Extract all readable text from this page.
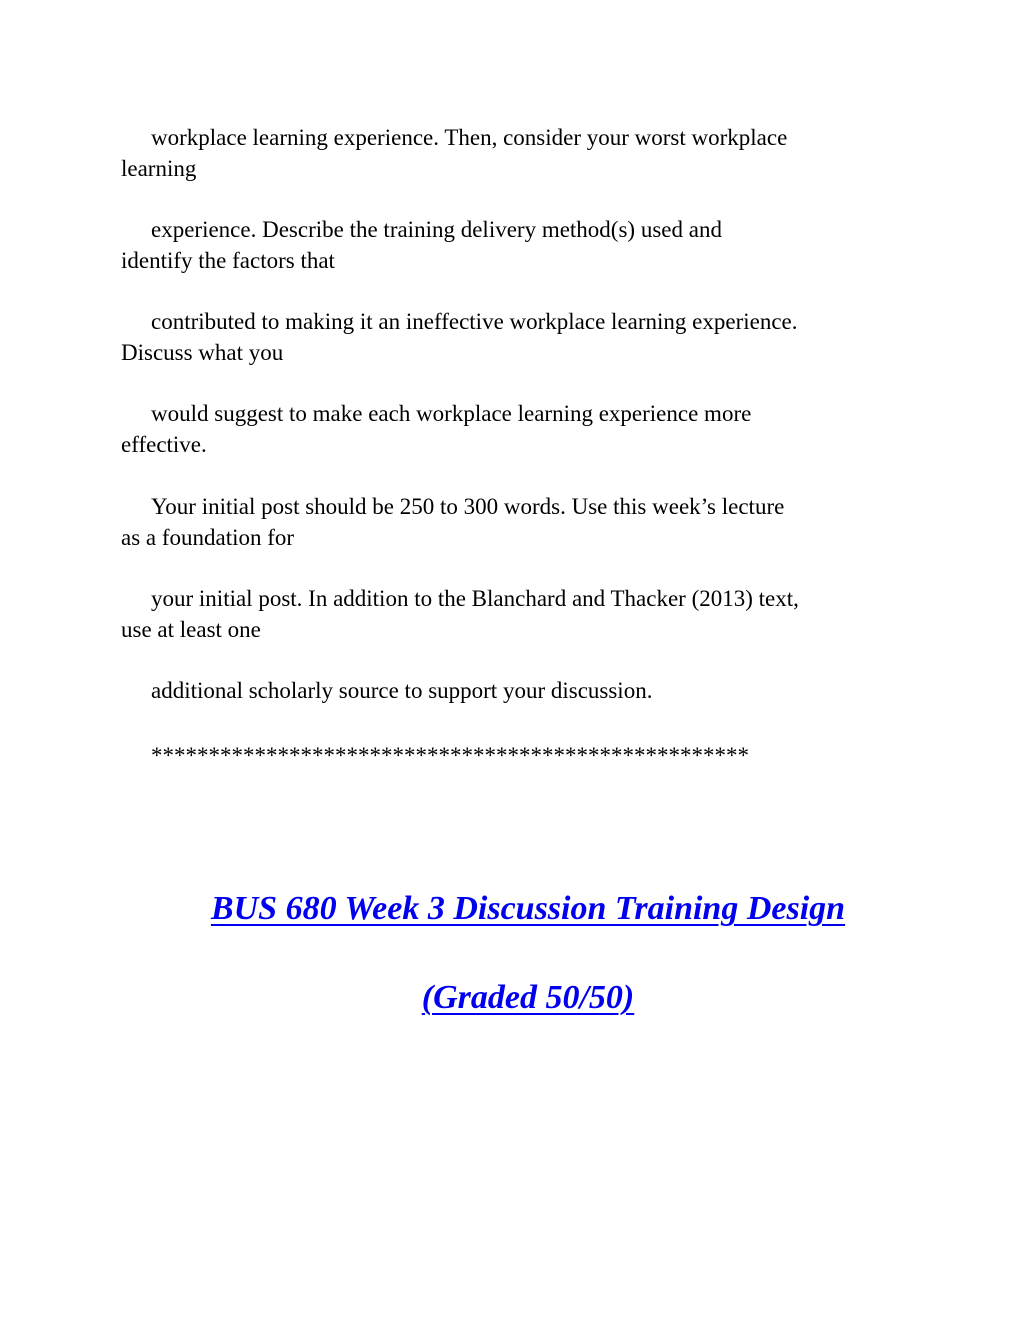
workplace learning experience. Then, consider your worst workplace
learning

experience. Describe the training delivery method(s) used and
identify the factors that

contributed to making it an ineffective workplace learning experience.
Discuss what you

would suggest to make each workplace learning experience more
effective.

Your initial post should be 250 to 300 words. Use this week’s lecture
as a foundation for

your initial post. In addition to the Blanchard and Thacker (2013) text,
use at least one

additional scholarly source to support your discussion.

****************************************************
BUS 680 Week 3 Discussion Training Design
(Graded 50/50)
